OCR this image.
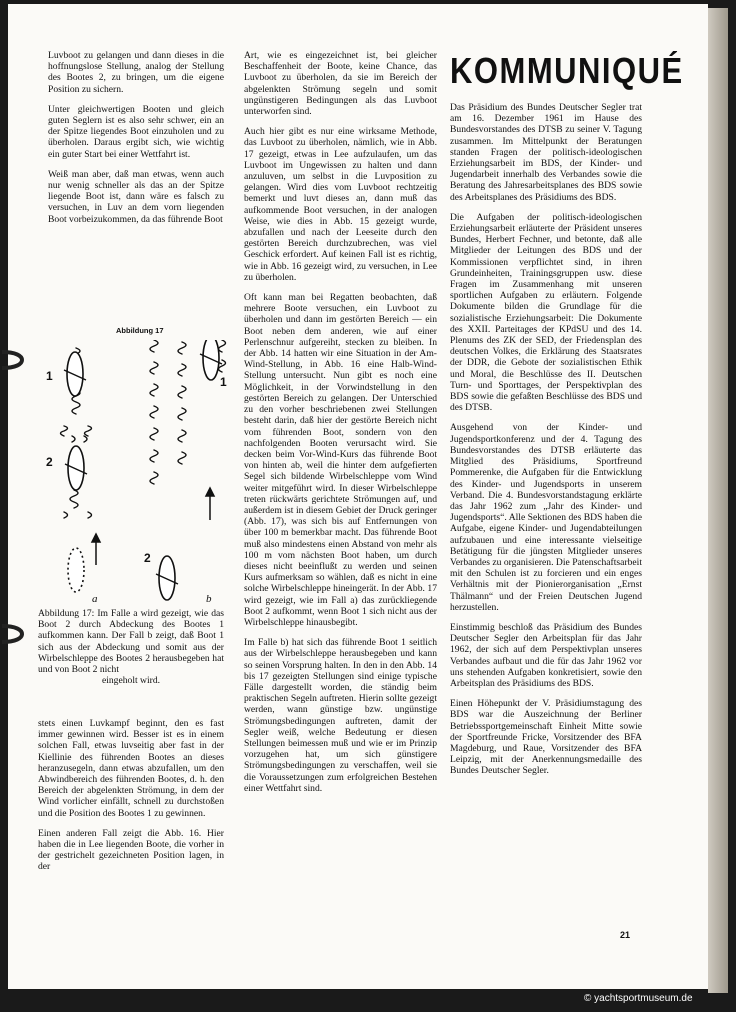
Luvboot zu gelangen und dann dieses in die hoffnungslose Stellung, analog der Stellung des Bootes 2, zu bringen, um die eigene Position zu sichern.

Unter gleichwertigen Booten und gleich guten Seglern ist es also sehr schwer, ein an der Spitze liegendes Boot einzuholen und zu überholen. Daraus ergibt sich, wie wichtig ein guter Start bei einer Wettfahrt ist.

Weiß man aber, daß man etwas, wenn auch nur wenig schneller als das an der Spitze liegende Boot ist, dann wäre es falsch zu versuchen, in Luv an dem vorn liegenden Boot vorbeizukommen, da das führende Boot

Abbildung 17
1
2
2
1
a	b
Abbildung 17: Im Falle a wird gezeigt, wie das Boot 2 durch Abdeckung des Bootes 1 aufkommen kann. Der Fall b zeigt, daß Boot 1 sich aus der Abdeckung und somit aus der Wirbelschleppe des Bootes 2 herausbegeben hat und von Boot 2 nicht
eingeholt wird.

stets einen Luvkampf beginnt, den es fast immer gewinnen wird. Besser ist es in einem solchen Fall, etwas luvseitig aber fast in der Kiellinie des führenden Bootes an dieses heranzusegeln, dann etwas abzufallen, um den Abwindbereich des führenden Bootes, d. h. den Bereich der abgelenkten Strömung, in dem der Wind vorlicher einfällt, schnell zu durchstoßen und die Position des Bootes 1 zu gewinnen.

Einen anderen Fall zeigt die Abb. 16. Hier haben die in Lee liegenden Boote, die vorher in der gestrichelt gezeichneten Position lagen, in der

Art, wie es eingezeichnet ist, bei gleicher Beschaffenheit der Boote, keine Chance, das Luvboot zu überholen, da sie im Bereich der abgelenkten Strömung segeln und somit ungünstigeren Bedingungen als das Luvboot unterworfen sind.

Auch hier gibt es nur eine wirksame Methode, das Luvboot zu überholen, nämlich, wie in Abb. 17 gezeigt, etwas in Lee aufzulaufen, um das Luvboot im Ungewissen zu halten und dann anzuluven, um selbst in die Luvposition zu gelangen. Wird dies vom Luvboot rechtzeitig bemerkt und luvt dieses an, dann muß das aufkommende Boot versuchen, in der analogen Weise, wie dies in Abb. 15 gezeigt wurde, abzufallen und nach der Leeseite durch den gestörten Bereich durchzubrechen, was viel Geschick erfordert. Auf keinen Fall ist es richtig, wie in Abb. 16 gezeigt wird, zu versuchen, in Lee zu überholen.

Oft kann man bei Regatten beobachten, daß mehrere Boote versuchen, ein Luvboot zu überholen und dann im gestörten Bereich — ein Boot neben dem anderen, wie auf einer Perlenschnur aufgereiht, stecken zu bleiben. In der Abb. 14 hatten wir eine Situation in der Am-Wind-Stellung, in Abb. 16 eine Halb-Wind-Stellung untersucht. Nun gibt es noch eine Möglichkeit, in der Vorwindstellung in den gestörten Bereich zu gelangen. Der Unterschied zu den vorher beschriebenen zwei Stellungen besteht darin, daß hier der gestörte Bereich nicht vom führenden Boot, sondern von den nachfolgenden Booten verursacht wird. Sie decken beim Vor-Wind-Kurs das führende Boot von hinten ab, weil die hinter dem aufgefierten Segel sich bildende Wirbelschleppe vom Wind weiter mitgeführt wird. In dieser Wirbelschleppe treten rückwärts gerichtete Strömungen auf, und außerdem ist in diesem Gebiet der Druck geringer (Abb. 17), was sich bis auf Entfernungen von über 100 m bemerkbar macht. Das führende Boot muß also mindestens einen Abstand von mehr als 100 m vom nächsten Boot haben, um durch dieses nicht beeinflußt zu werden und seinen Kurs aufmerksam so wählen, daß es nicht in eine solche Wirbelschleppe hineingerät. In der Abb. 17 wird gezeigt, wie im Fall a) das zurückliegende Boot 2 aufkommt, wenn Boot 1 sich nicht aus der Wirbelschleppe hinausbegibt.

Im Falle b) hat sich das führende Boot 1 seitlich aus der Wirbelschleppe herausbegeben und kann so seinen Vorsprung halten. In den in den Abb. 14 bis 17 gezeigten Stellungen sind einige typische Fälle dargestellt worden, die ständig beim praktischen Segeln auftreten. Hierin sollte gezeigt werden, wann günstige bzw. ungünstige Strömungsbedingungen auftreten, damit der Segler weiß, welche Bedeutung er diesen Stellungen beimessen muß und wie er im Prinzip vorzugehen hat, um sich günstigere Strömungsbedingungen zu verschaffen, weil sie die Voraussetzungen zum erfolgreichen Bestehen einer Wettfahrt sind.

KOMMUNIQUÉ

Das Präsidium des Bundes Deutscher Segler trat am 16. Dezember 1961 im Hause des Bundesvorstandes des DTSB zu seiner V. Tagung zusammen. Im Mittelpunkt der Beratungen standen Fragen der politisch-ideologischen Erziehungsarbeit im BDS, der Kinder- und Jugendarbeit innerhalb des Verbandes sowie die Beratung des Jahresarbeitsplanes des BDS sowie des Arbeitsplanes des Präsidiums des BDS.

Die Aufgaben der politisch-ideologischen Erziehungsarbeit erläuterte der Präsident unseres Bundes, Herbert Fechner, und betonte, daß alle Mitglieder der Leitungen des BDS und der Kommissionen verpflichtet sind, in ihren Grundeinheiten, Trainingsgruppen usw. diese Fragen im Zusammenhang mit unseren sportlichen Aufgaben zu erläutern. Folgende Dokumente bilden die Grundlage für die sozialistische Erziehungsarbeit: Die Dokumente des XXII. Parteitages der KPdSU und des 14. Plenums des ZK der SED, der Friedensplan des deutschen Volkes, die Erklärung des Staatsrates der DDR, die Gebote der sozialistischen Ethik und Moral, die Beschlüsse des II. Deutschen Turn- und Sporttages, der Perspektivplan des BDS sowie die gefaßten Beschlüsse des BDS und des DTSB.

Ausgehend von der Kinder- und Jugendsportkonferenz und der 4. Tagung des Bundesvorstandes des DTSB erläuterte das Mitglied des Präsidiums, Sportfreund Pommerenke, die Aufgaben für die Entwicklung des Kinder- und Jugendsports in unserem Verband. Die 4. Bundesvorstandstagung erklärte das Jahr 1962 zum „Jahr des Kinder- und Jugendsports“. Alle Sektionen des BDS haben die Aufgabe, eigene Kinder- und Jugendabteilungen aufzubauen und eine interessante vielseitige Betätigung für die jüngsten Mitglieder unseres Verbandes zu organisieren. Die Patenschaftsarbeit mit den Schulen ist zu forcieren und ein enges Verhältnis mit der Pionierorganisation „Ernst Thälmann“ und der Freien Deutschen Jugend herzustellen.

Einstimmig beschloß das Präsidium des Bundes Deutscher Segler den Arbeitsplan für das Jahr 1962, der sich auf dem Perspektivplan unseres Verbandes aufbaut und die für das Jahr 1962 vor uns stehenden Aufgaben konkretisiert, sowie den Arbeitsplan des Präsidiums des BDS.

Einen Höhepunkt der V. Präsidiumstagung des BDS war die Auszeichnung der Berliner Betriebssportgemeinschaft Einheit Mitte sowie der Sportfreunde Fricke, Vorsitzender des BFA Magdeburg, und Raue, Vorsitzender des BFA Leipzig, mit der Anerkennungsmedaille des Bundes Deutscher Segler.

21
© yachtsportmuseum.de
